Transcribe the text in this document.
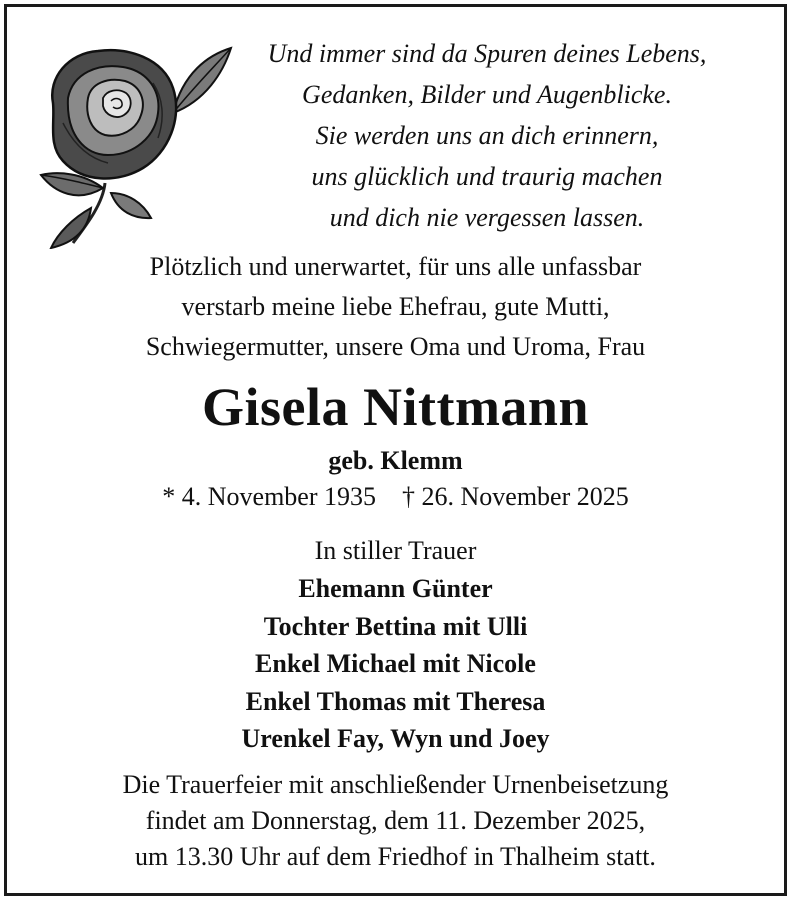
Und immer sind da Spuren deines Lebens,
Gedanken, Bilder und Augenblicke.
Sie werden uns an dich erinnern,
uns glücklich und traurig machen
und dich nie vergessen lassen.
Plötzlich und unerwartet, für uns alle unfassbar
verstarb meine liebe Ehefrau, gute Mutti,
Schwiegermutter, unsere Oma und Uroma, Frau
Gisela Nittmann
geb. Klemm
* 4. November 1935 † 26. November 2025
In stiller Trauer
Ehemann Günter
Tochter Bettina mit Ulli
Enkel Michael mit Nicole
Enkel Thomas mit Theresa
Urenkel Fay, Wyn und Joey
Die Trauerfeier mit anschließender Urnenbeisetzung
findet am Donnerstag, dem 11. Dezember 2025,
um 13.30 Uhr auf dem Friedhof in Thalheim statt.
